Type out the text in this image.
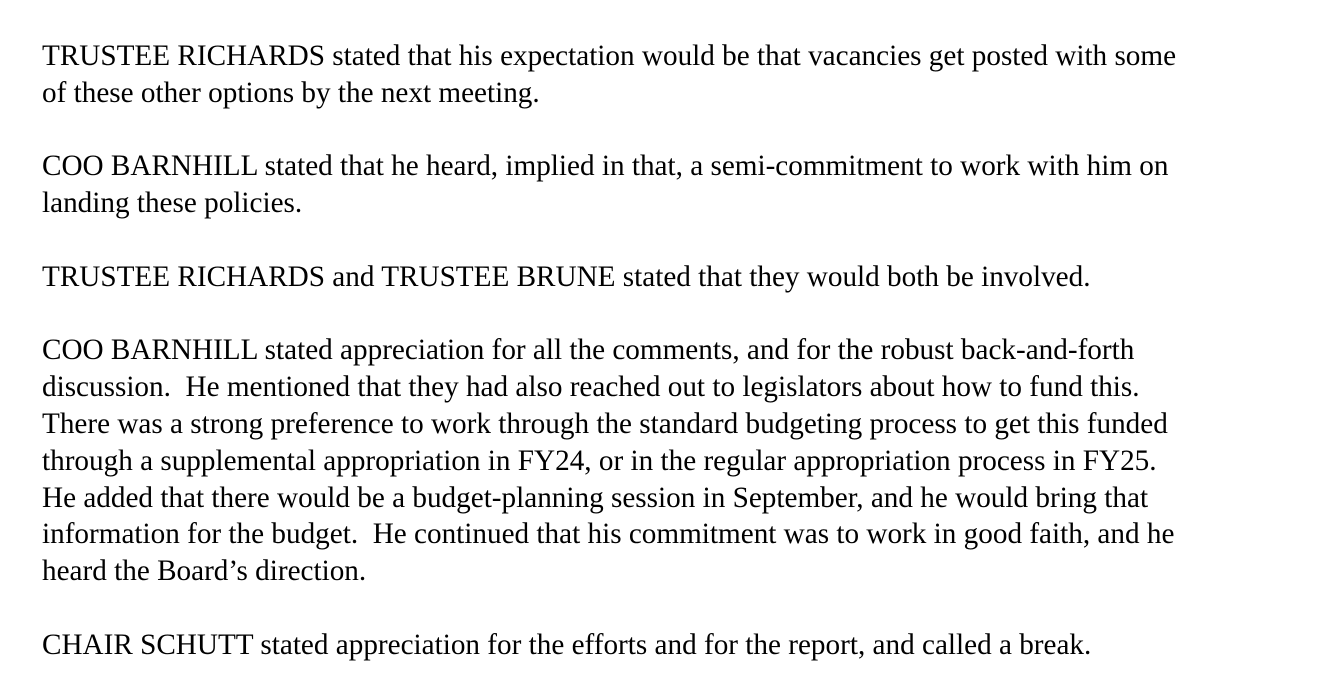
TRUSTEE RICHARDS stated that his expectation would be that vacancies get posted with some
of these other options by the next meeting.

COO BARNHILL stated that he heard, implied in that, a semi-commitment to work with him on
landing these policies.

TRUSTEE RICHARDS and TRUSTEE BRUNE stated that they would both be involved.

COO BARNHILL stated appreciation for all the comments, and for the robust back-and-forth
discussion.  He mentioned that they had also reached out to legislators about how to fund this.
There was a strong preference to work through the standard budgeting process to get this funded
through a supplemental appropriation in FY24, or in the regular appropriation process in FY25.
He added that there would be a budget-planning session in September, and he would bring that
information for the budget.  He continued that his commitment was to work in good faith, and he
heard the Board’s direction.

CHAIR SCHUTT stated appreciation for the efforts and for the report, and called a break.
